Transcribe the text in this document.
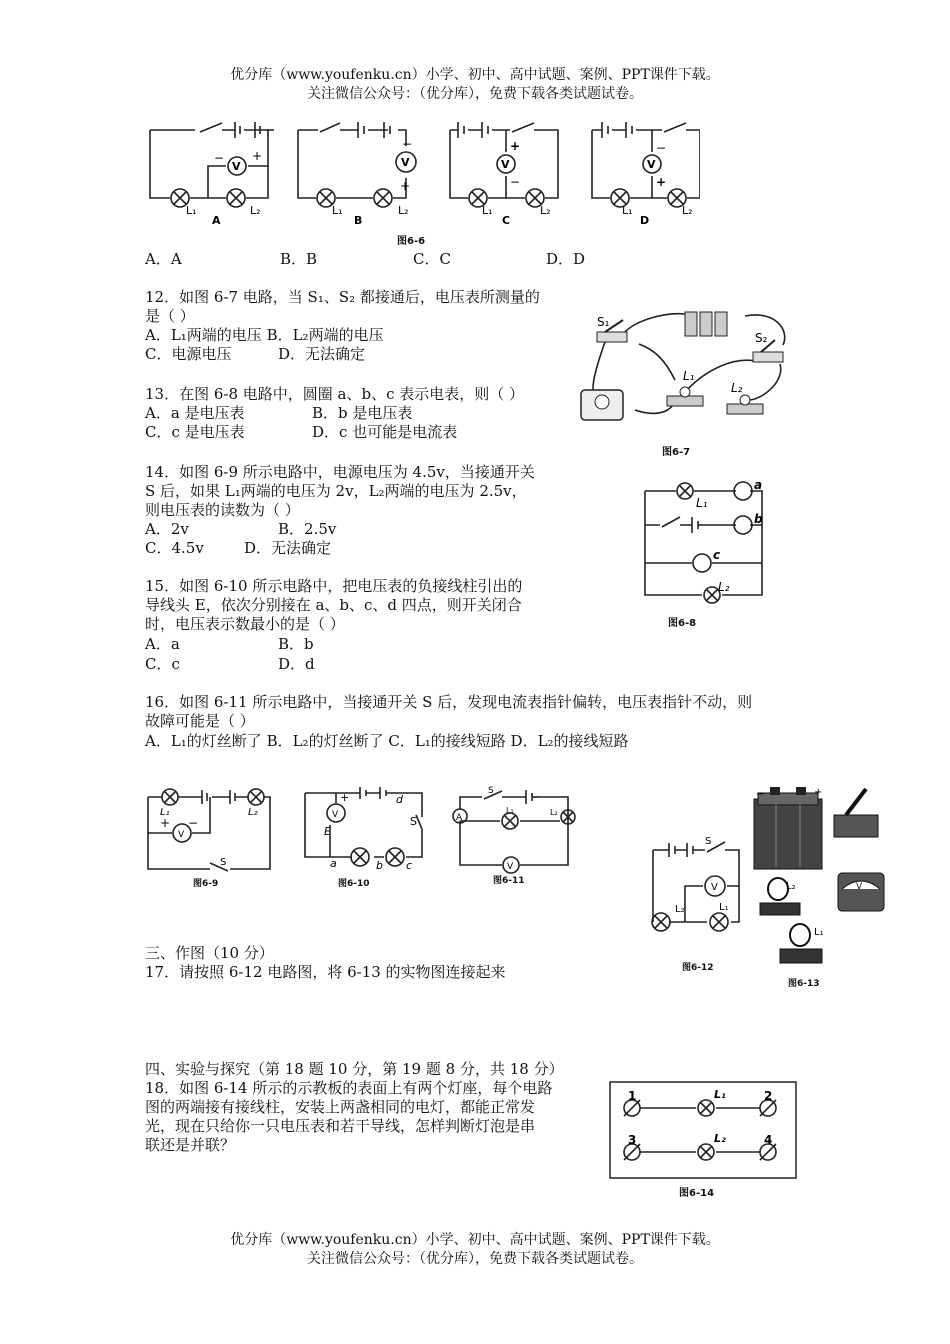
优分库（www.youfenku.cn）小学、初中、高中试题、案例、PPT课件下载。
关注微信公众号：（优分库），免费下载各类试题试卷。
V
− +	V
−
+
V
+
−
V
−
+
L₁	L₂
A
L₁	L₂
B
L₁	L₂
C
L₁	L₂
D
图6-6
A．A	B．B	C．C	D．D
12．如图 6-7 电路，当 S₁、S₂ 都接通后，电压表所测量的
是（ ）
A．L₁两端的电压 B．L₂两端的电压
C．电源电压	D．无法确定
S₁
S₂
L₁
L₂
图6-7
13．在图 6-8 电路中，圆圈 a、b、c 表示电表，则（ ）
A．a 是电压表	B．b 是电压表
C．c 是电压表	D．c 也可能是电流表
L₁
a
b
c
L₂
图6-8
14．如图 6-9 所示电路中，电源电压为 4.5v，当接通开关
S 后，如果 L₁两端的电压为 2v，L₂两端的电压为 2.5v，
则电压表的读数为（ ）
A．2v	B．2.5v
C．4.5v	D．无法确定
15．如图 6-10 所示电路中，把电压表的负接线柱引出的
导线头 E，依次分别接在 a、b、c、d 四点，则开关闭合
时，电压表示数最小的是（ ）
A．a	B．b
C．c	D．d
16．如图 6-11 所示电路中，当接通开关 S 后，发现电流表指针偏转，电压表指针不动，则
故障可能是（ ）
A．L₁的灯丝断了 B．L₂的灯丝断了 C．L₁的接线短路 D．L₂的接线短路
V
L₁	L₂
+ −
S
图6-9
V
+
E
a	b c
d
S
图6-10
A
V
S
L₁	L₂
图6-11
V
S
L₂	L₁
图6-12
−	+
L₂	V
L₁
图6-13
三、作图（10 分）
17．请按照 6-12 电路图，将 6-13 的实物图连接起来
四、实验与探究（第 18 题 10 分，第 19 题 8 分，共 18 分）
18．如图 6-14 所示的示教板的表面上有两个灯座，每个电路
图的两端接有接线柱，安装上两盏相同的电灯，都能正常发
光，现在只给你一只电压表和若干导线，怎样判断灯泡是串
联还是并联？
1	2
3	4
L₁
L₂
图6-14
优分库（www.youfenku.cn）小学、初中、高中试题、案例、PPT课件下载。
关注微信公众号：（优分库），免费下载各类试题试卷。
